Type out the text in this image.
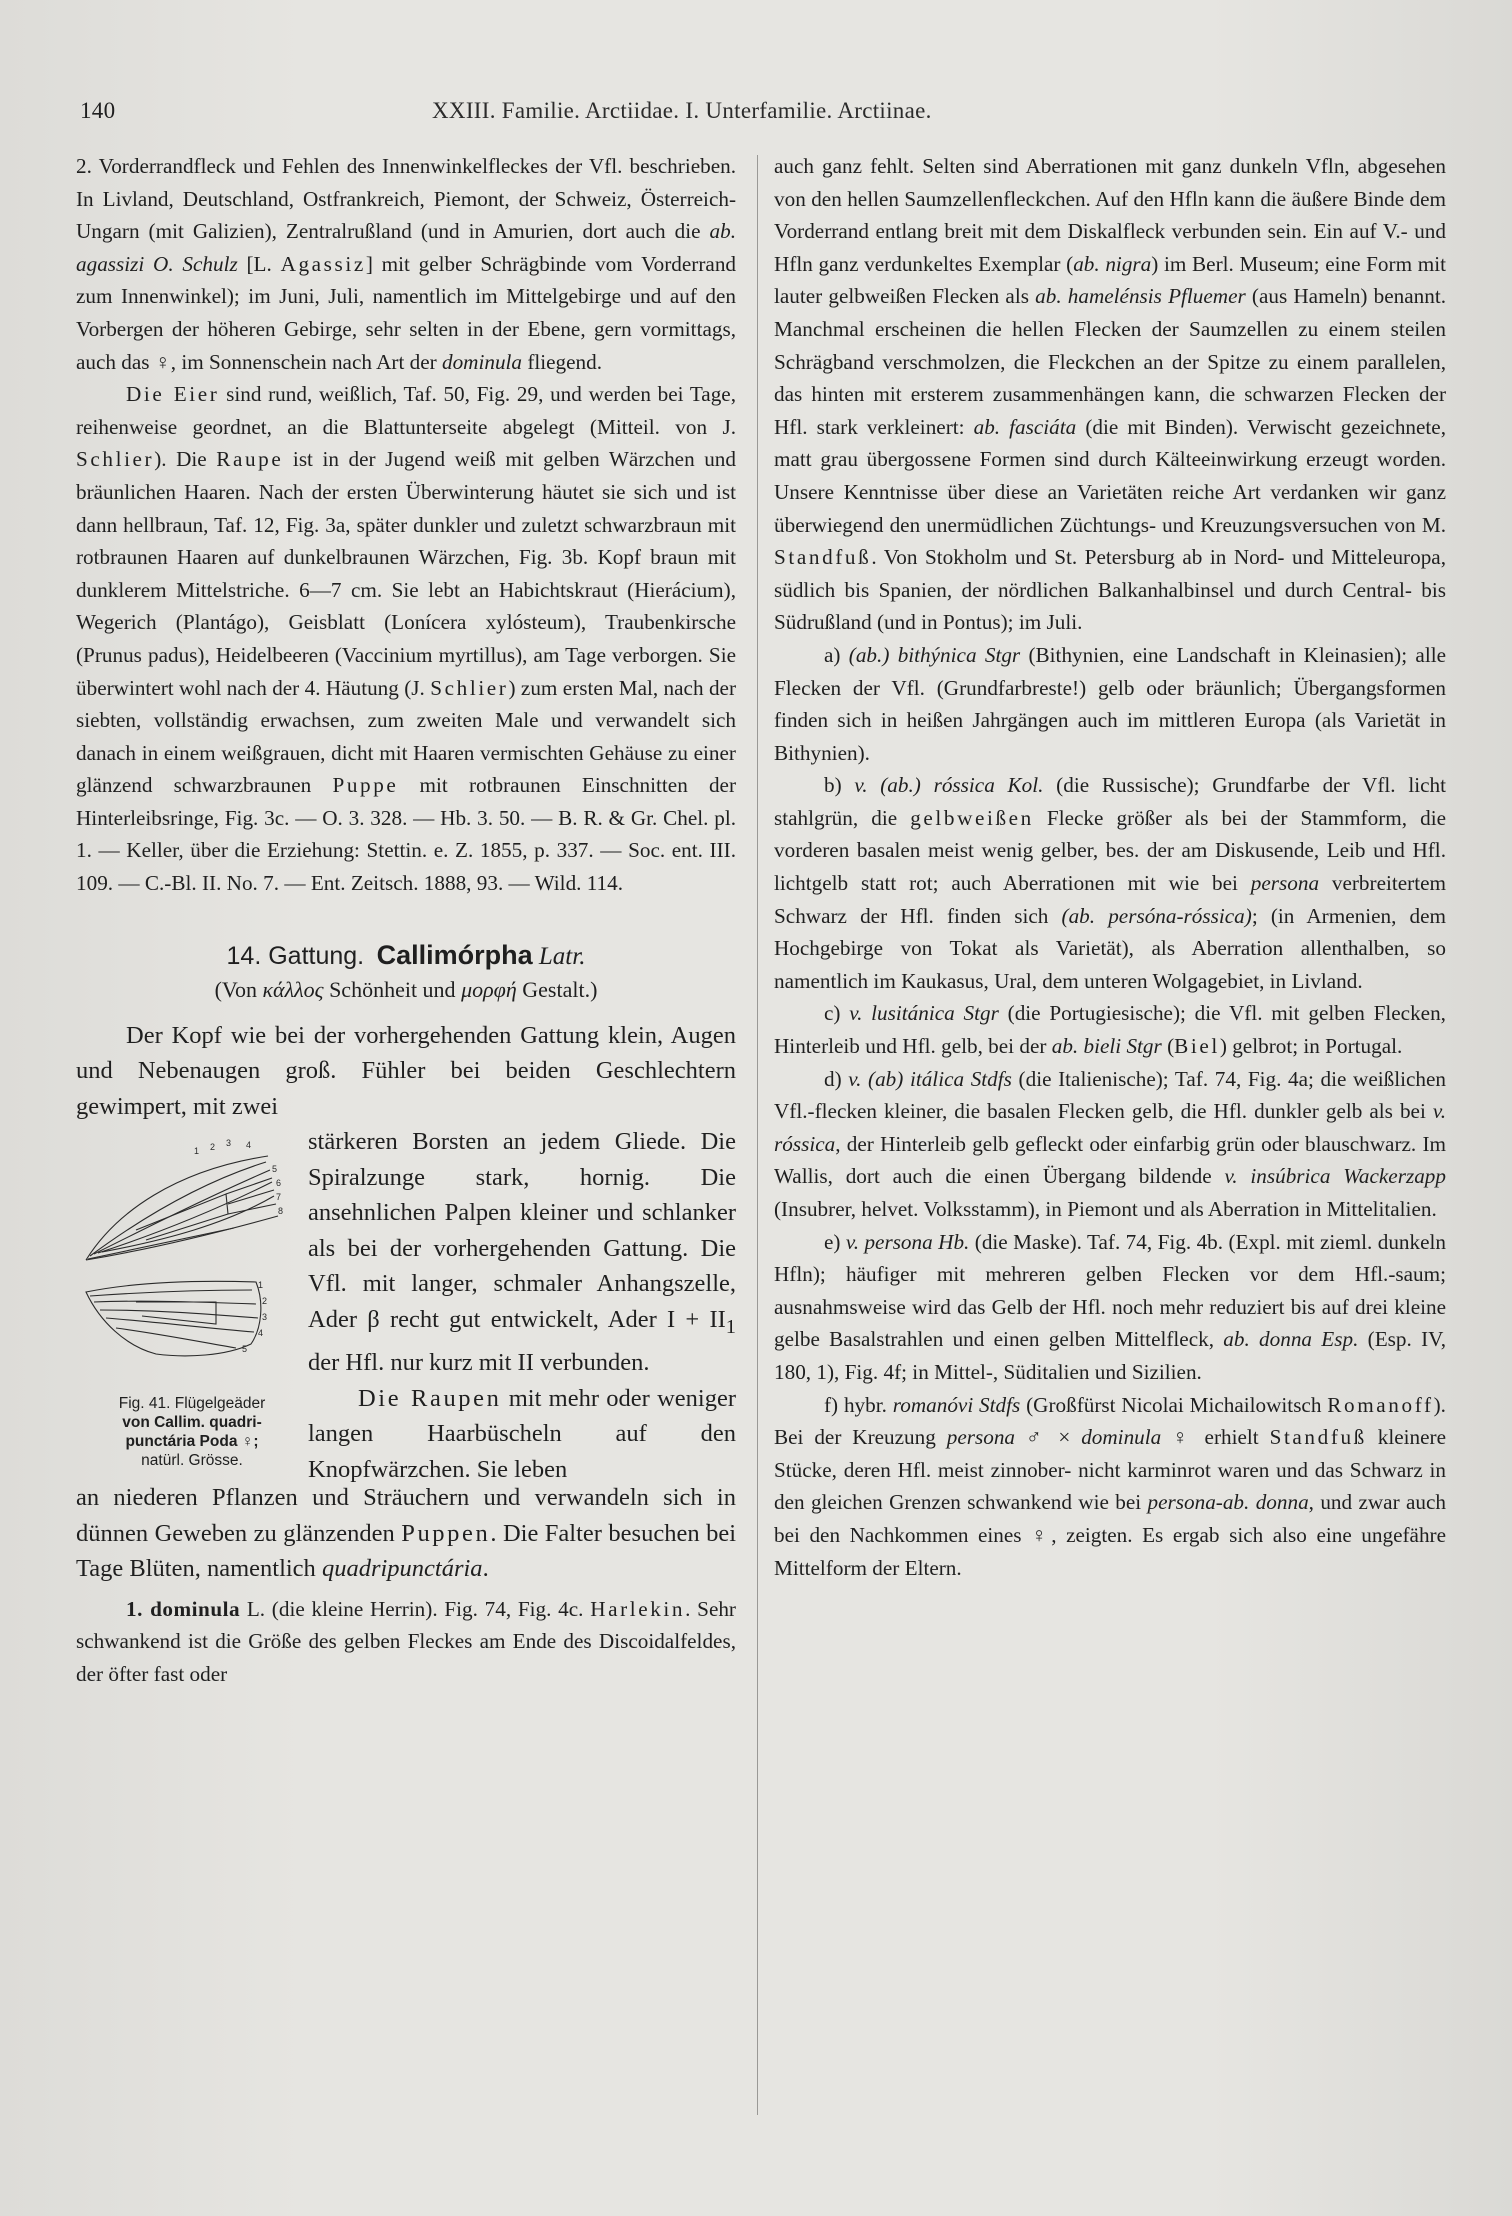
140	XXIII. Familie. Arctiidae. I. Unterfamilie. Arctiinae.

2. Vorderrandfleck und Fehlen des Innenwinkelfleckes der Vfl. beschrieben. In Livland, Deutschland, Ostfrankreich, Piemont, der Schweiz, Österreich-Ungarn (mit Galizien), Zentralrußland (und in Amurien, dort auch die ab. agassizi O. Schulz [L. Agassiz] mit gelber Schrägbinde vom Vorderrand zum Innenwinkel); im Juni, Juli, namentlich im Mittelgebirge und auf den Vorbergen der höheren Gebirge, sehr selten in der Ebene, gern vormittags, auch das ♀, im Sonnenschein nach Art der dominula fliegend.

Die Eier sind rund, weißlich, Taf. 50, Fig. 29, und werden bei Tage, reihenweise geordnet, an die Blattunterseite abgelegt (Mitteil. von J. Schlier). Die Raupe ist in der Jugend weiß mit gelben Wärzchen und bräunlichen Haaren. Nach der ersten Überwinterung häutet sie sich und ist dann hellbraun, Taf. 12, Fig. 3a, später dunkler und zuletzt schwarzbraun mit rotbraunen Haaren auf dunkelbraunen Wärzchen, Fig. 3b. Kopf braun mit dunklerem Mittelstriche. 6—7 cm. Sie lebt an Habichtskraut (Hierácium), Wegerich (Plantágo), Geisblatt (Lonícera xylósteum), Traubenkirsche (Prunus padus), Heidelbeeren (Vaccinium myrtillus), am Tage verborgen. Sie überwintert wohl nach der 4. Häutung (J. Schlier) zum ersten Mal, nach der siebten, vollständig erwachsen, zum zweiten Male und verwandelt sich danach in einem weißgrauen, dicht mit Haaren vermischten Gehäuse zu einer glänzend schwarzbraunen Puppe mit rotbraunen Einschnitten der Hinterleibsringe, Fig. 3c. — O. 3. 328. — Hb. 3. 50. — B. R. & Gr. Chel. pl. 1. — Keller, über die Erziehung: Stettin. e. Z. 1855, p. 337. — Soc. ent. III. 109. — C.-Bl. II. No. 7. — Ent. Zeitsch. 1888, 93. — Wild. 114.

14. Gattung. Callimórpha Latr.
(Von κάλλος Schönheit und μορφή Gestalt.)

Der Kopf wie bei der vorhergehenden Gattung klein, Augen und Nebenaugen groß. Fühler bei beiden Geschlechtern gewimpert, mit zwei

1 2 3 4
5
6
7
8
1
2
3
4
5
Fig. 41. Flügelgeäder
von Callim. quadri-
punctária Poda ♀;
natürl. Grösse.

stärkeren Borsten an jedem Gliede. Die Spiralzunge stark, hornig. Die ansehnlichen Palpen kleiner und schlanker als bei der vorhergehenden Gattung. Die Vfl. mit langer, schmaler Anhangszelle, Ader β recht gut entwickelt, Ader $I + II_1$ der Hfl. nur kurz mit II verbunden.

Die Raupen mit mehr oder weniger langen Haarbüscheln auf den Knopfwärzchen. Sie leben

an niederen Pflanzen und Sträuchern und verwandeln sich in dünnen Geweben zu glänzenden Puppen. Die Falter besuchen bei Tage Blüten, namentlich quadripunctária.

1. dominula L. (die kleine Herrin). Fig. 74, Fig. 4c. Harlekin. Sehr schwankend ist die Größe des gelben Fleckes am Ende des Discoidalfeldes, der öfter fast oder

auch ganz fehlt. Selten sind Aberrationen mit ganz dunkeln Vfln, abgesehen von den hellen Saumzellenfleckchen. Auf den Hfln kann die äußere Binde dem Vorderrand entlang breit mit dem Diskalfleck verbunden sein. Ein auf V.- und Hfln ganz verdunkeltes Exemplar (ab. nigra) im Berl. Museum; eine Form mit lauter gelbweißen Flecken als ab. hamelénsis Pfluemer (aus Hameln) benannt. Manchmal erscheinen die hellen Flecken der Saumzellen zu einem steilen Schrägband verschmolzen, die Fleckchen an der Spitze zu einem parallelen, das hinten mit ersterem zusammenhängen kann, die schwarzen Flecken der Hfl. stark verkleinert: ab. fasciáta (die mit Binden). Verwischt gezeichnete, matt grau übergossene Formen sind durch Kälteeinwirkung erzeugt worden. Unsere Kenntnisse über diese an Varietäten reiche Art verdanken wir ganz überwiegend den unermüdlichen Züchtungs- und Kreuzungsversuchen von M. Standfuß. Von Stokholm und St. Petersburg ab in Nord- und Mitteleuropa, südlich bis Spanien, der nördlichen Balkanhalbinsel und durch Central- bis Südrußland (und in Pontus); im Juli.

a) (ab.) bithýnica Stgr (Bithynien, eine Landschaft in Kleinasien); alle Flecken der Vfl. (Grundfarbreste!) gelb oder bräunlich; Übergangsformen finden sich in heißen Jahrgängen auch im mittleren Europa (als Varietät in Bithynien).

b) v. (ab.) róssica Kol. (die Russische); Grundfarbe der Vfl. licht stahlgrün, die gelbweißen Flecke größer als bei der Stammform, die vorderen basalen meist wenig gelber, bes. der am Diskusende, Leib und Hfl. lichtgelb statt rot; auch Aberrationen mit wie bei persona verbreitertem Schwarz der Hfl. finden sich (ab. persóna-róssica); (in Armenien, dem Hochgebirge von Tokat als Varietät), als Aberration allenthalben, so namentlich im Kaukasus, Ural, dem unteren Wolgagebiet, in Livland.

c) v. lusitánica Stgr (die Portugiesische); die Vfl. mit gelben Flecken, Hinterleib und Hfl. gelb, bei der ab. bieli Stgr (Biel) gelbrot; in Portugal.

d) v. (ab) itálica Stdfs (die Italienische); Taf. 74, Fig. 4a; die weißlichen Vfl.-flecken kleiner, die basalen Flecken gelb, die Hfl. dunkler gelb als bei v. róssica, der Hinterleib gelb gefleckt oder einfarbig grün oder blauschwarz. Im Wallis, dort auch die einen Übergang bildende v. insúbrica Wackerzapp (Insubrer, helvet. Volksstamm), in Piemont und als Aberration in Mittelitalien.

e) v. persona Hb. (die Maske). Taf. 74, Fig. 4b. (Expl. mit zieml. dunkeln Hfln); häufiger mit mehreren gelben Flecken vor dem Hfl.-saum; ausnahmsweise wird das Gelb der Hfl. noch mehr reduziert bis auf drei kleine gelbe Basalstrahlen und einen gelben Mittelfleck, ab. donna Esp. (Esp. IV, 180, 1), Fig. 4f; in Mittel-, Süditalien und Sizilien.

f) hybr. romanóvi Stdfs (Großfürst Nicolai Michailowitsch Romanoff). Bei der Kreuzung persona ♂ × dominula ♀ erhielt Standfuß kleinere Stücke, deren Hfl. meist zinnober- nicht karminrot waren und das Schwarz in den gleichen Grenzen schwankend wie bei persona-ab. donna, und zwar auch bei den Nachkommen eines ♀, zeigten. Es ergab sich also eine ungefähre Mittelform der Eltern.
